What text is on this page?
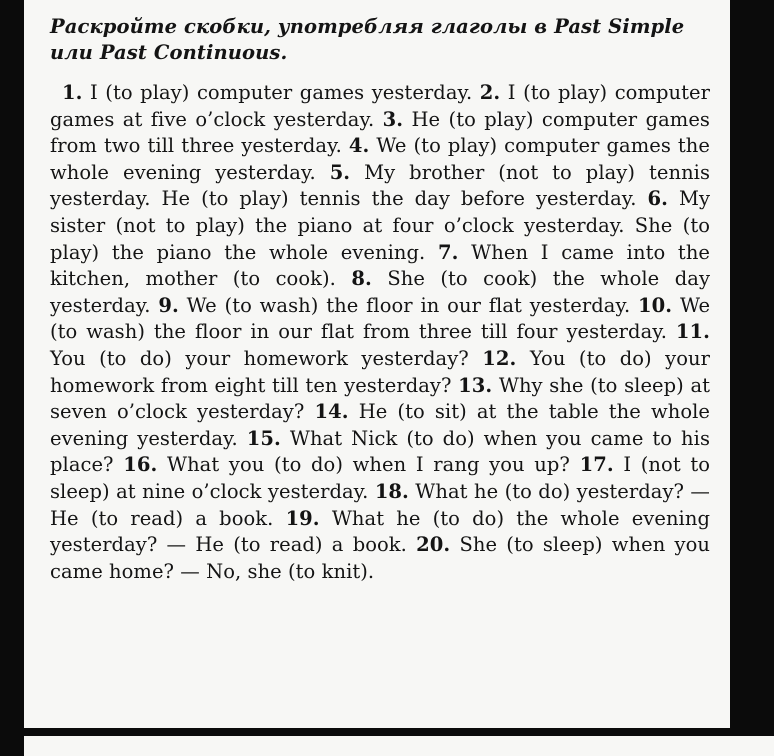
Раскройте скобки, употребляя глаголы в Past Simple или Past Continuous.

1. I (to play) computer games yesterday. 2. I (to play) computer games at five o’clock yesterday. 3. He (to play) computer games from two till three yesterday. 4. We (to play) computer games the whole evening yesterday. 5. My brother (not to play) tennis yesterday. He (to play) tennis the day before yesterday. 6. My sister (not to play) the piano at four o’clock yesterday. She (to play) the piano the whole evening. 7. When I came into the kitchen, mother (to cook). 8. She (to cook) the whole day yesterday. 9. We (to wash) the floor in our flat yesterday. 10. We (to wash) the floor in our flat from three till four yesterday. 11. You (to do) your homework yesterday? 12. You (to do) your homework from eight till ten yesterday? 13. Why she (to sleep) at seven o’clock yesterday? 14. He (to sit) at the table the whole evening yesterday. 15. What Nick (to do) when you came to his place? 16. What you (to do) when I rang you up? 17. I (not to sleep) at nine o’clock yesterday. 18. What he (to do) yesterday? — He (to read) a book. 19. What he (to do) the whole evening yesterday? — He (to read) a book. 20. She (to sleep) when you came home? — No, she (to knit).
